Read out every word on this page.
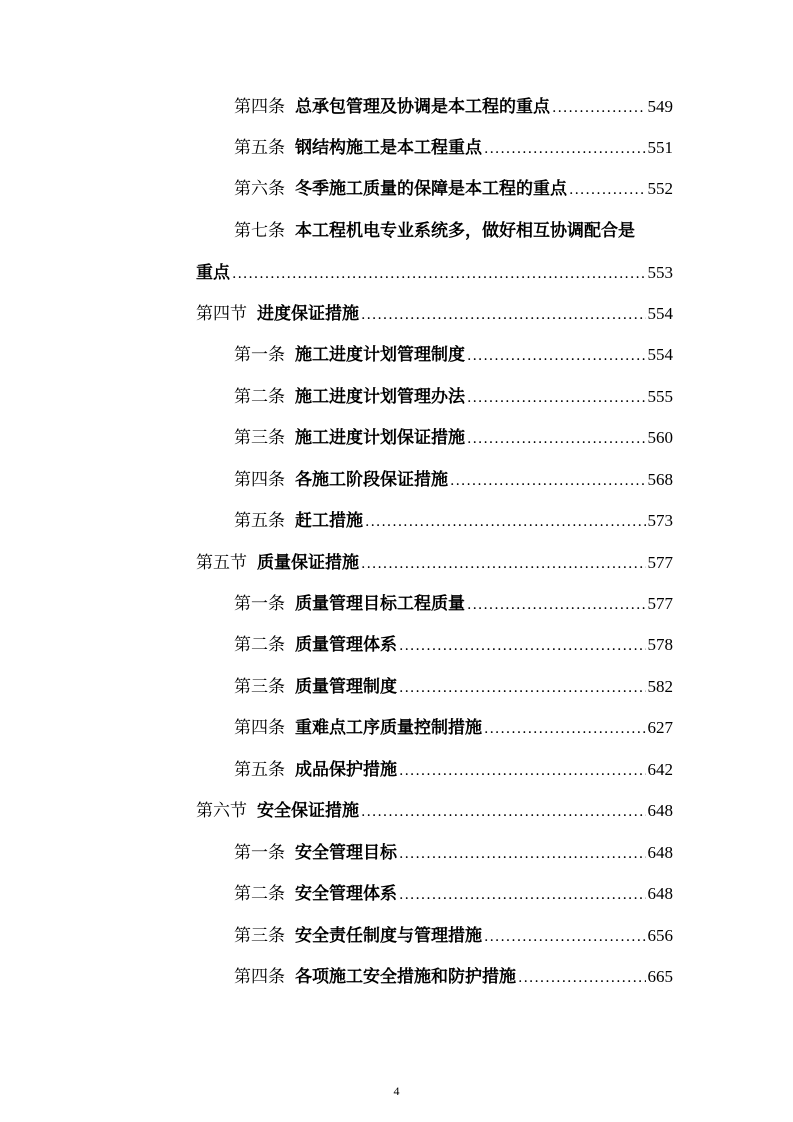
第四条 总承包管理及协调是本工程的重点 .....	549
第五条 钢结构施工是本工程重点 .....	551
第六条 冬季施工质量的保障是本工程的重点 .....	552
第七条 本工程机电专业系统多，做好相互协调配合是
重点 .....	553
第四节 进度保证措施 .....	554
第一条 施工进度计划管理制度 .....	554
第二条 施工进度计划管理办法 .....	555
第三条 施工进度计划保证措施 .....	560
第四条 各施工阶段保证措施 .....	568
第五条 赶工措施 .....	573
第五节 质量保证措施 .....	577
第一条 质量管理目标工程质量 .....	577
第二条 质量管理体系 .....	578
第三条 质量管理制度 .....	582
第四条 重难点工序质量控制措施 .....	627
第五条 成品保护措施 .....	642
第六节 安全保证措施 .....	648
第一条 安全管理目标 .....	648
第二条 安全管理体系 .....	648
第三条 安全责任制度与管理措施 .....	656
第四条 各项施工安全措施和防护措施 .....	665
4
